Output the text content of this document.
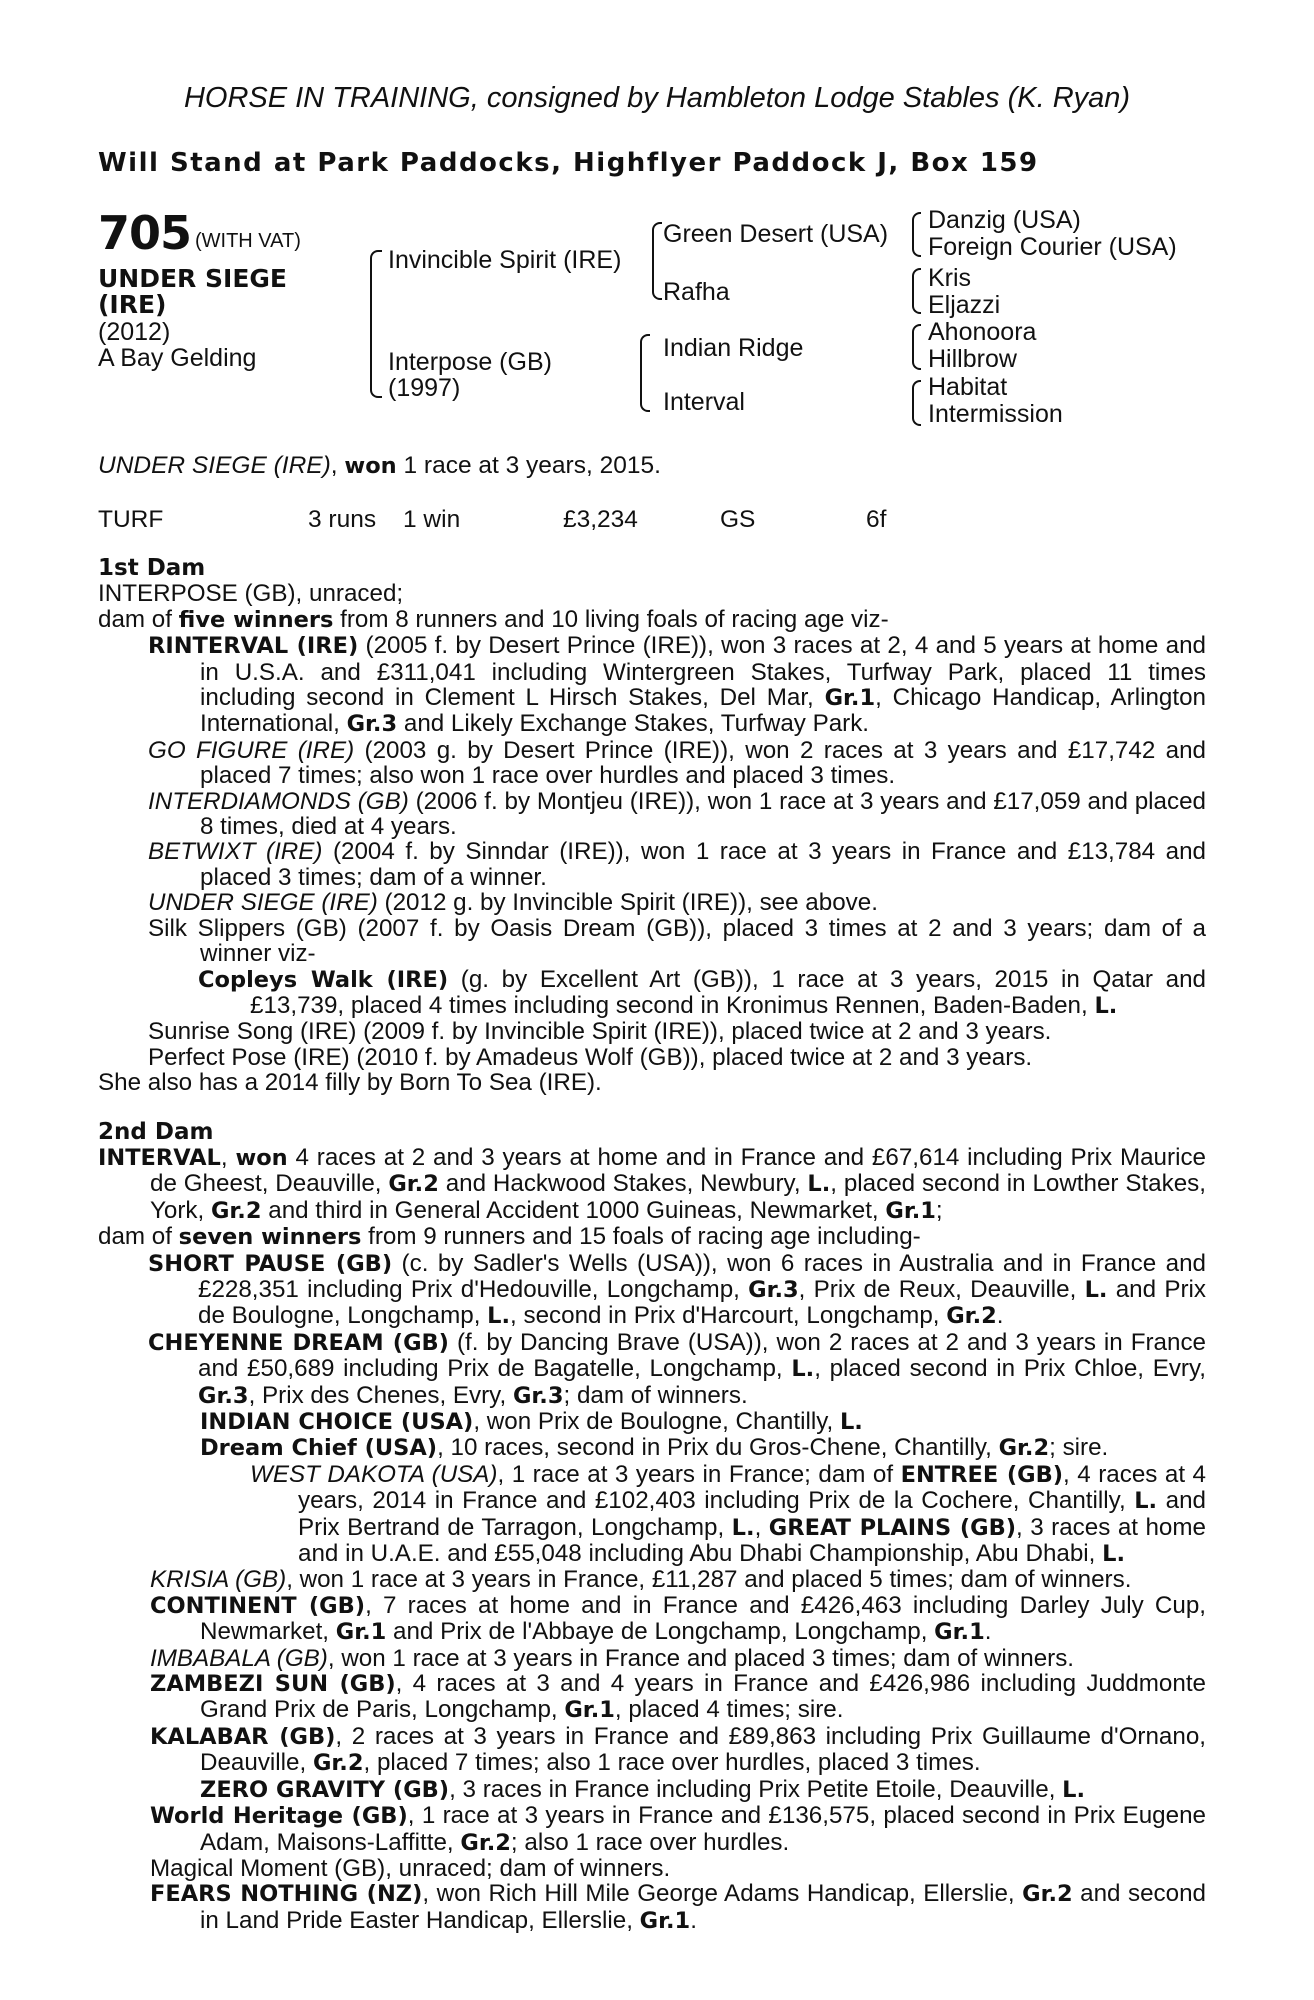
HORSE IN TRAINING, consigned by Hambleton Lodge Stables (K. Ryan)
Will Stand at Park Paddocks, Highflyer Paddock J, Box 159
705 (WITH VAT)
UNDER SIEGE
(IRE)
(2012)
A Bay Gelding
Invincible Spirit (IRE)
Interpose (GB)
(1997)
Green Desert (USA)
Rafha
Indian Ridge
Interval
Danzig (USA)
Foreign Courier (USA)
Kris
Eljazzi
Ahonoora
Hillbrow
Habitat
Intermission
UNDER SIEGE (IRE), won 1 race at 3 years, 2015.
TURF	3 runs 1 win	£3,234	GS	6f

1st Dam

INTERPOSE (GB), unraced;

dam of five winners from 8 runners and 10 living foals of racing age viz-

RINTERVAL (IRE) (2005 f. by Desert Prince (IRE)), won 3 races at 2, 4 and 5 years at home and in U.S.A. and £311,041 including Wintergreen Stakes, Turfway Park, placed 11 times including second in Clement L Hirsch Stakes, Del Mar, Gr.1, Chicago Handicap, Arlington International, Gr.3 and Likely Exchange Stakes, Turfway Park.

GO FIGURE (IRE) (2003 g. by Desert Prince (IRE)), won 2 races at 3 years and £17,742 and placed 7 times; also won 1 race over hurdles and placed 3 times.

INTERDIAMONDS (GB) (2006 f. by Montjeu (IRE)), won 1 race at 3 years and £17,059 and placed 8 times, died at 4 years.

BETWIXT (IRE) (2004 f. by Sinndar (IRE)), won 1 race at 3 years in France and £13,784 and placed 3 times; dam of a winner.

UNDER SIEGE (IRE) (2012 g. by Invincible Spirit (IRE)), see above.

Silk Slippers (GB) (2007 f. by Oasis Dream (GB)), placed 3 times at 2 and 3 years; dam of a winner viz-

Copleys Walk (IRE) (g. by Excellent Art (GB)), 1 race at 3 years, 2015 in Qatar and £13,739, placed 4 times including second in Kronimus Rennen, Baden-Baden, L.

Sunrise Song (IRE) (2009 f. by Invincible Spirit (IRE)), placed twice at 2 and 3 years.

Perfect Pose (IRE) (2010 f. by Amadeus Wolf (GB)), placed twice at 2 and 3 years.

She also has a 2014 filly by Born To Sea (IRE).

2nd Dam

INTERVAL, won 4 races at 2 and 3 years at home and in France and £67,614 including Prix Maurice de Gheest, Deauville, Gr.2 and Hackwood Stakes, Newbury, L., placed second in Lowther Stakes, York, Gr.2 and third in General Accident 1000 Guineas, Newmarket, Gr.1;

dam of seven winners from 9 runners and 15 foals of racing age including-

SHORT PAUSE (GB) (c. by Sadler's Wells (USA)), won 6 races in Australia and in France and £228,351 including Prix d'Hedouville, Longchamp, Gr.3, Prix de Reux, Deauville, L. and Prix de Boulogne, Longchamp, L., second in Prix d'Harcourt, Longchamp, Gr.2.

CHEYENNE DREAM (GB) (f. by Dancing Brave (USA)), won 2 races at 2 and 3 years in France and £50,689 including Prix de Bagatelle, Longchamp, L., placed second in Prix Chloe, Evry, Gr.3, Prix des Chenes, Evry, Gr.3; dam of winners.

INDIAN CHOICE (USA), won Prix de Boulogne, Chantilly, L.

Dream Chief (USA), 10 races, second in Prix du Gros-Chene, Chantilly, Gr.2; sire.

WEST DAKOTA (USA), 1 race at 3 years in France; dam of ENTREE (GB), 4 races at 4 years, 2014 in France and £102,403 including Prix de la Cochere, Chantilly, L. and Prix Bertrand de Tarragon, Longchamp, L., GREAT PLAINS (GB), 3 races at home and in U.A.E. and £55,048 including Abu Dhabi Championship, Abu Dhabi, L.

KRISIA (GB), won 1 race at 3 years in France, £11,287 and placed 5 times; dam of winners.

CONTINENT (GB), 7 races at home and in France and £426,463 including Darley July Cup, Newmarket, Gr.1 and Prix de l'Abbaye de Longchamp, Longchamp, Gr.1.

IMBABALA (GB), won 1 race at 3 years in France and placed 3 times; dam of winners.

ZAMBEZI SUN (GB), 4 races at 3 and 4 years in France and £426,986 including Juddmonte Grand Prix de Paris, Longchamp, Gr.1, placed 4 times; sire.

KALABAR (GB), 2 races at 3 years in France and £89,863 including Prix Guillaume d'Ornano, Deauville, Gr.2, placed 7 times; also 1 race over hurdles, placed 3 times.

ZERO GRAVITY (GB), 3 races in France including Prix Petite Etoile, Deauville, L.

World Heritage (GB), 1 race at 3 years in France and £136,575, placed second in Prix Eugene Adam, Maisons-Laffitte, Gr.2; also 1 race over hurdles.

Magical Moment (GB), unraced; dam of winners.

FEARS NOTHING (NZ), won Rich Hill Mile George Adams Handicap, Ellerslie, Gr.2 and second in Land Pride Easter Handicap, Ellerslie, Gr.1.
